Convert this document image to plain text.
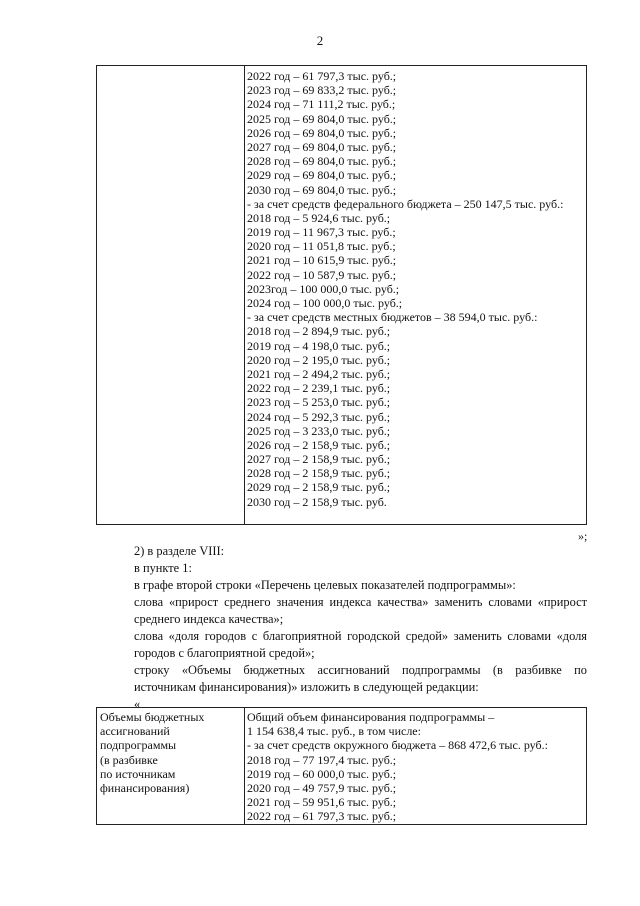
2
2022 год – 61 797,3 тыс. руб.;
2023 год – 69 833,2 тыс. руб.;
2024 год – 71 111,2 тыс. руб.;
2025 год – 69 804,0 тыс. руб.;
2026 год – 69 804,0 тыс. руб.;
2027 год – 69 804,0 тыс. руб.;
2028 год – 69 804,0 тыс. руб.;
2029 год – 69 804,0 тыс. руб.;
2030 год – 69 804,0 тыс. руб.;
- за счет средств федерального бюджета – 250 147,5 тыс. руб.:
2018 год – 5 924,6 тыс. руб.;
2019 год – 11 967,3 тыс. руб.;
2020 год – 11 051,8 тыс. руб.;
2021 год – 10 615,9 тыс. руб.;
2022 год – 10 587,9 тыс. руб.;
2023год – 100 000,0 тыс. руб.;
2024 год – 100 000,0 тыс. руб.;
- за счет средств местных бюджетов – 38 594,0 тыс. руб.:
2018 год – 2 894,9 тыс. руб.;
2019 год – 4 198,0 тыс. руб.;
2020 год – 2 195,0 тыс. руб.;
2021 год – 2 494,2 тыс. руб.;
2022 год – 2 239,1 тыс. руб.;
2023 год – 5 253,0 тыс. руб.;
2024 год – 5 292,3 тыс. руб.;
2025 год – 3 233,0 тыс. руб.;
2026 год – 2 158,9 тыс. руб.;
2027 год – 2 158,9 тыс. руб.;
2028 год – 2 158,9 тыс. руб.;
2029 год – 2 158,9 тыс. руб.;
2030 год – 2 158,9 тыс. руб.
»;

2) в разделе VIII:

в пункте 1:

в графе второй строки «Перечень целевых показателей подпрограммы»:

слова «прирост среднего значения индекса качества» заменить словами «прирост среднего индекса качества»;

слова «доля городов с благоприятной городской средой» заменить словами «доля городов с благоприятной средой»;

строку «Объемы бюджетных ассигнований подпрограммы (в разбивке по источникам финансирования)» изложить в следующей редакции:

«

Объемы бюджетных
ассигнований
подпрограммы
(в разбивке
по источникам
финансирования)
Общий объем финансирования подпрограммы –
1 154 638,4 тыс. руб., в том числе:
- за счет средств окружного бюджета – 868 472,6 тыс. руб.:
2018 год – 77 197,4 тыс. руб.;
2019 год – 60 000,0 тыс. руб.;
2020 год – 49 757,9 тыс. руб.;
2021 год – 59 951,6 тыс. руб.;
2022 год – 61 797,3 тыс. руб.;
